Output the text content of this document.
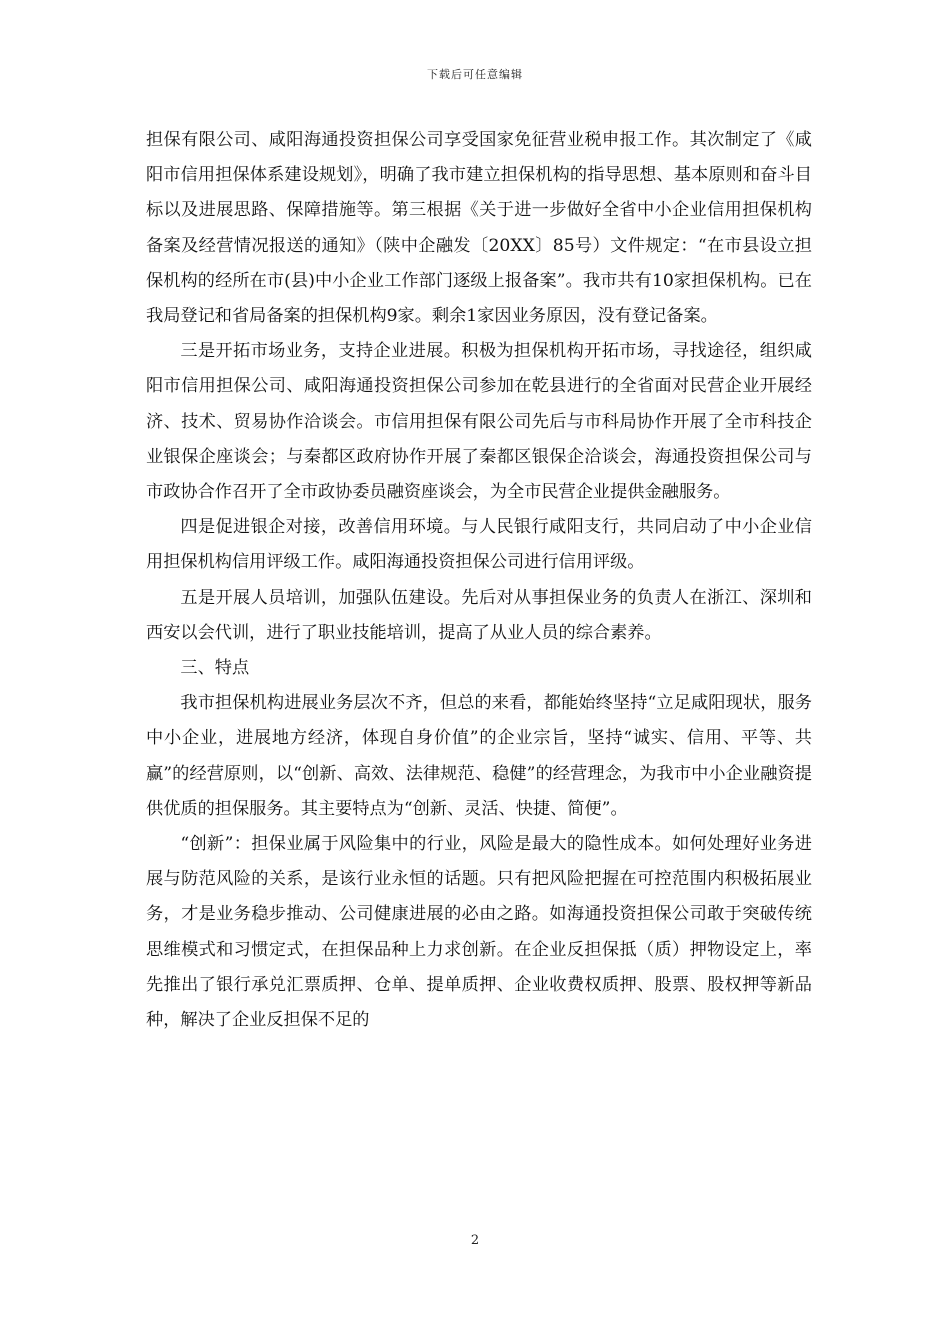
下载后可任意编辑

担保有限公司、咸阳海通投资担保公司享受国家免征营业税申报工作。其次制定了《咸阳市信用担保体系建设规划》，明确了我市建立担保机构的指导思想、基本原则和奋斗目标以及进展思路、保障措施等。第三根据《关于进一步做好全省中小企业信用担保机构备案及经营情况报送的通知》（陕中企融发〔20XX〕85号）文件规定：“在市县设立担保机构的经所在市(县)中小企业工作部门逐级上报备案”。我市共有10家担保机构。已在我局登记和省局备案的担保机构9家。剩余1家因业务原因，没有登记备案。

三是开拓市场业务，支持企业进展。积极为担保机构开拓市场，寻找途径，组织咸阳市信用担保公司、咸阳海通投资担保公司参加在乾县进行的全省面对民营企业开展经济、技术、贸易协作洽谈会。市信用担保有限公司先后与市科局协作开展了全市科技企业银保企座谈会；与秦都区政府协作开展了秦都区银保企洽谈会，海通投资担保公司与市政协合作召开了全市政协委员融资座谈会，为全市民营企业提供金融服务。

四是促进银企对接，改善信用环境。与人民银行咸阳支行，共同启动了中小企业信用担保机构信用评级工作。咸阳海通投资担保公司进行信用评级。

五是开展人员培训，加强队伍建设。先后对从事担保业务的负责人在浙江、深圳和西安以会代训，进行了职业技能培训，提高了从业人员的综合素养。

三、特点

我市担保机构进展业务层次不齐，但总的来看，都能始终坚持“立足咸阳现状，服务中小企业，进展地方经济，体现自身价值”的企业宗旨，坚持“诚实、信用、平等、共赢”的经营原则，以“创新、高效、法律规范、稳健”的经营理念，为我市中小企业融资提供优质的担保服务。其主要特点为“创新、灵活、快捷、简便”。

“创新”：担保业属于风险集中的行业，风险是最大的隐性成本。如何处理好业务进展与防范风险的关系，是该行业永恒的话题。只有把风险把握在可控范围内积极拓展业务，才是业务稳步推动、公司健康进展的必由之路。如海通投资担保公司敢于突破传统思维模式和习惯定式，在担保品种上力求创新。在企业反担保抵（质）押物设定上，率先推出了银行承兑汇票质押、仓单、提单质押、企业收费权质押、股票、股权押等新品种，解决了企业反担保不足的

2
